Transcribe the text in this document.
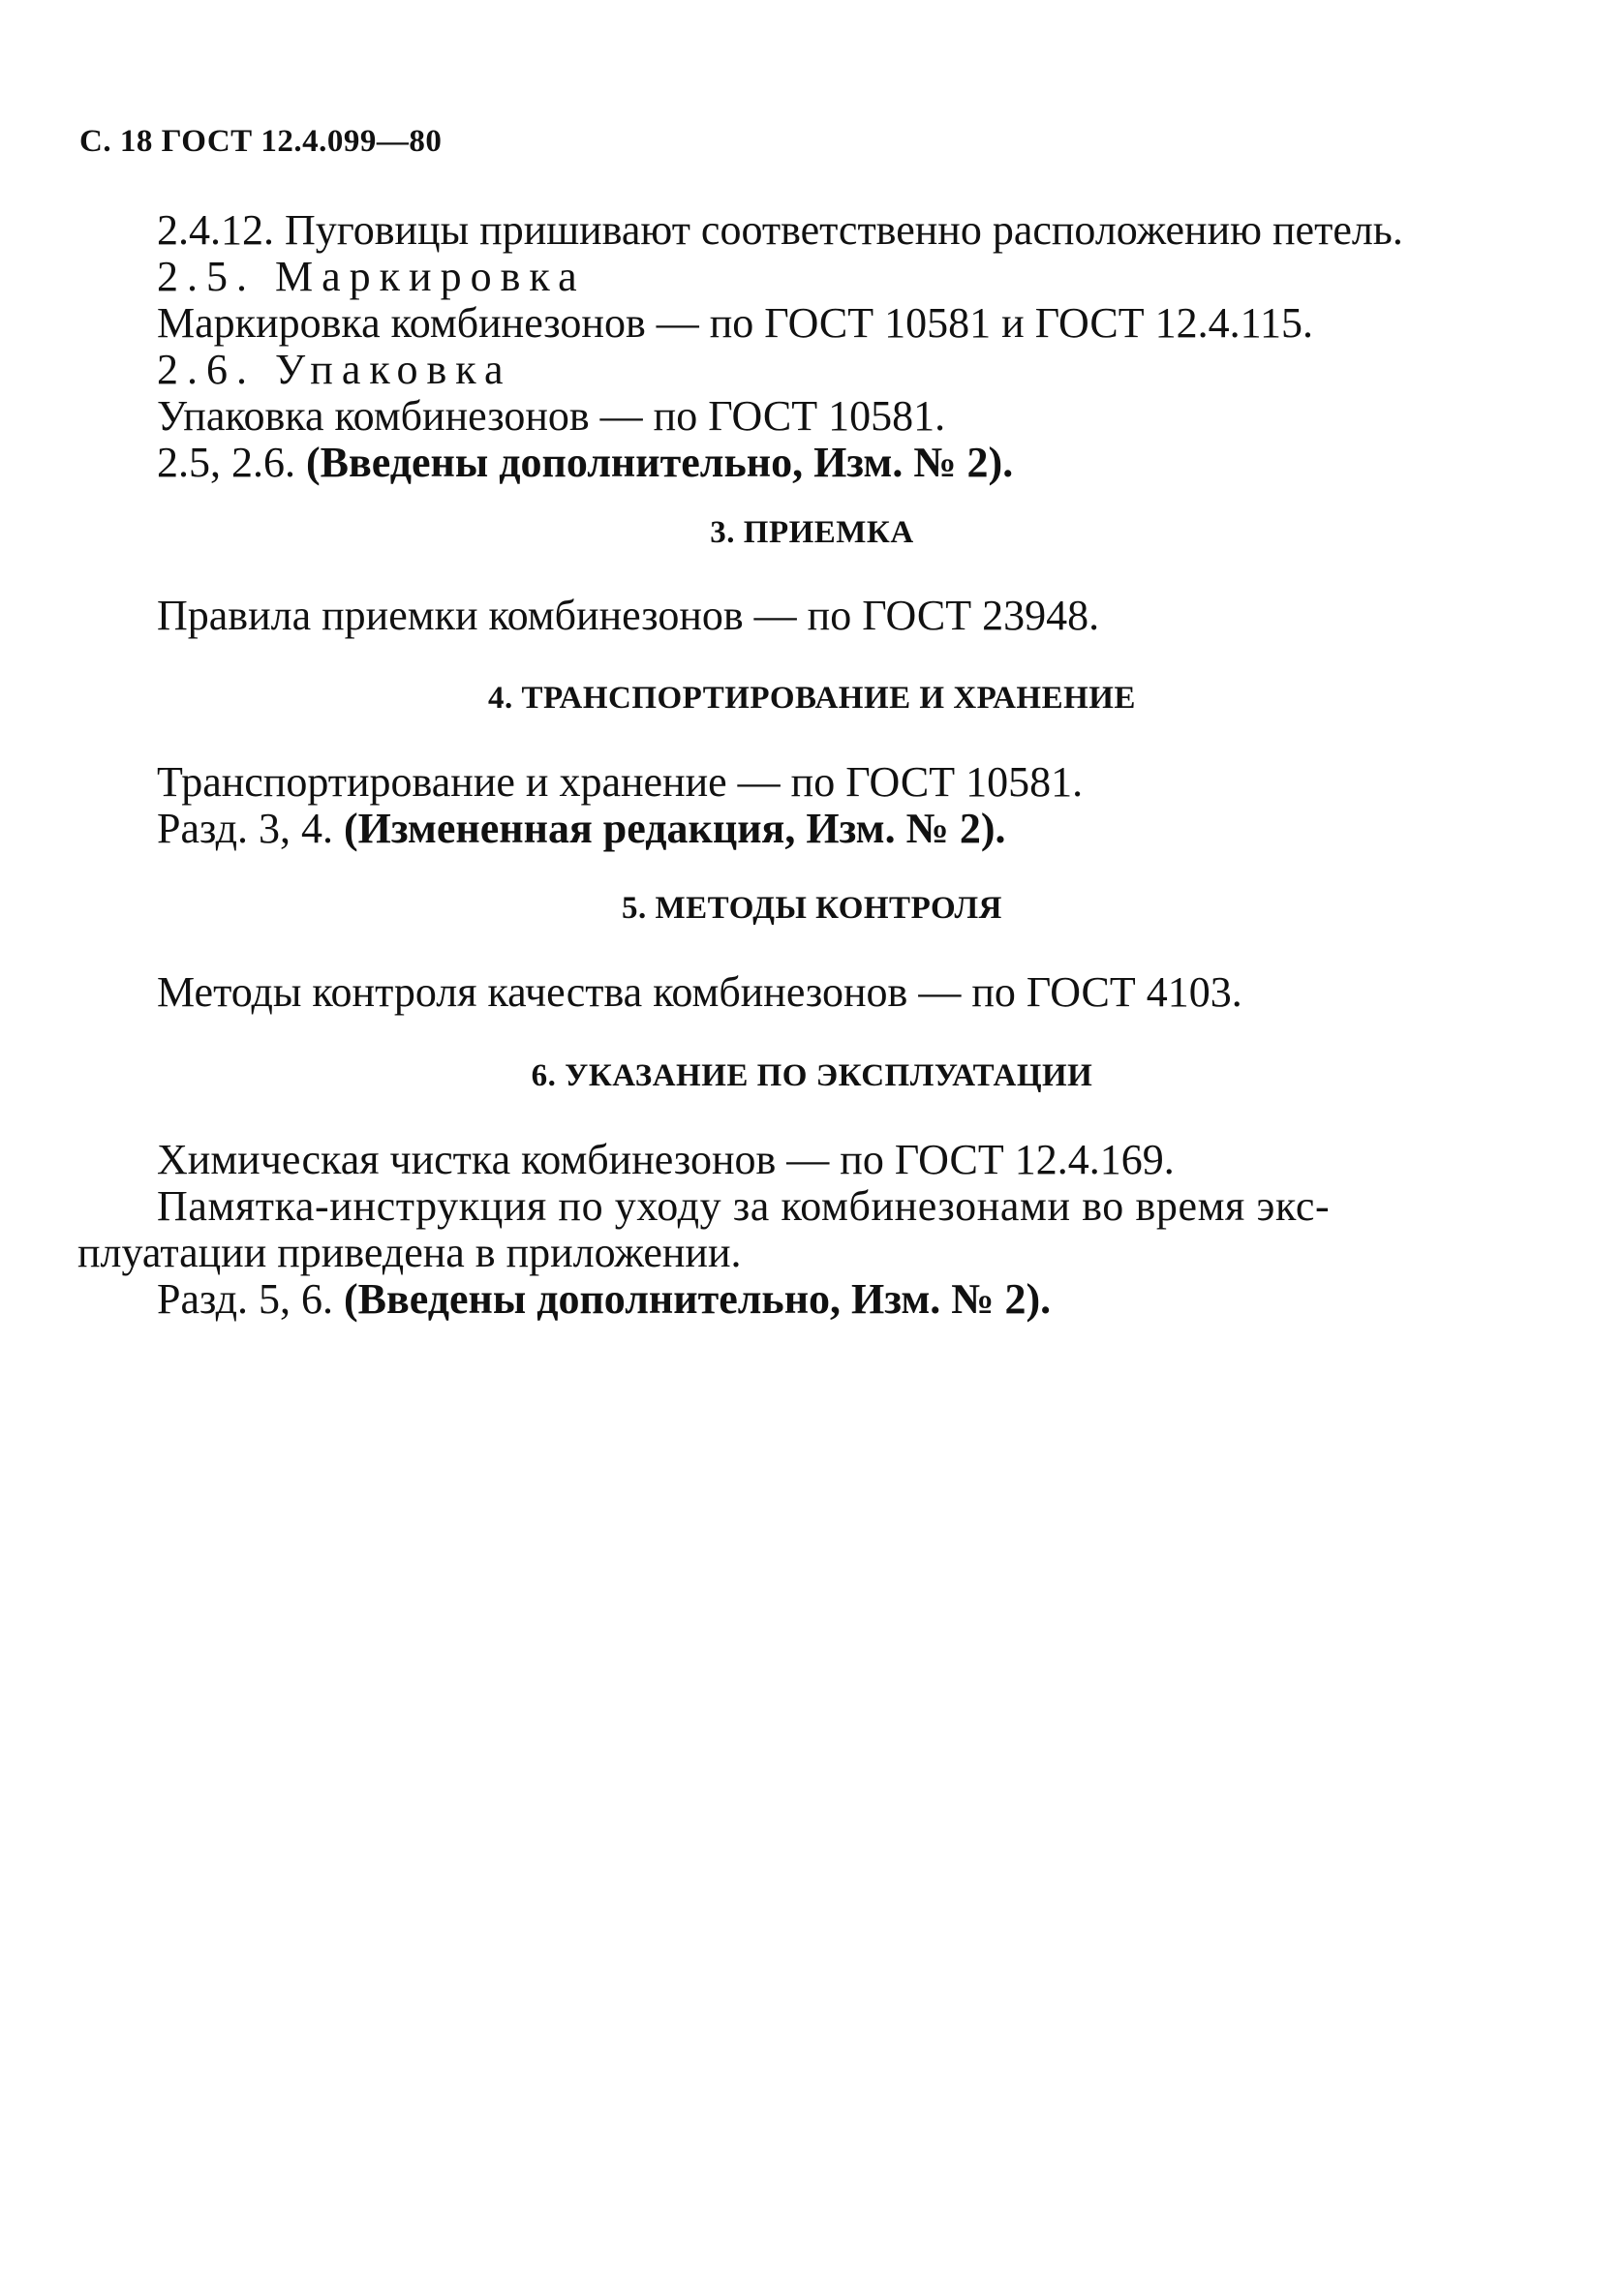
С. 18 ГОСТ 12.4.099—80
2.4.12. Пуговицы пришивают соответственно расположению петель.
2.5. Маркировка
Маркировка комбинезонов — по ГОСТ 10581 и ГОСТ 12.4.115.
2.6. Упаковка
Упаковка комбинезонов — по ГОСТ 10581.
2.5, 2.6. (Введены дополнительно, Изм. № 2).
3. ПРИЕМКА
Правила приемки комбинезонов — по ГОСТ 23948.
4. ТРАНСПОРТИРОВАНИЕ И ХРАНЕНИЕ
Транспортирование и хранение — по ГОСТ 10581.
Разд. 3, 4. (Измененная редакция, Изм. № 2).
5. МЕТОДЫ КОНТРОЛЯ
Методы контроля качества комбинезонов — по ГОСТ 4103.
6. УКАЗАНИЕ ПО ЭКСПЛУАТАЦИИ
Химическая чистка комбинезонов — по ГОСТ 12.4.169.
Памятка-инструкция по уходу за комбинезонами во время экс-
плуатации приведена в приложении.
Разд. 5, 6. (Введены дополнительно, Изм. № 2).
